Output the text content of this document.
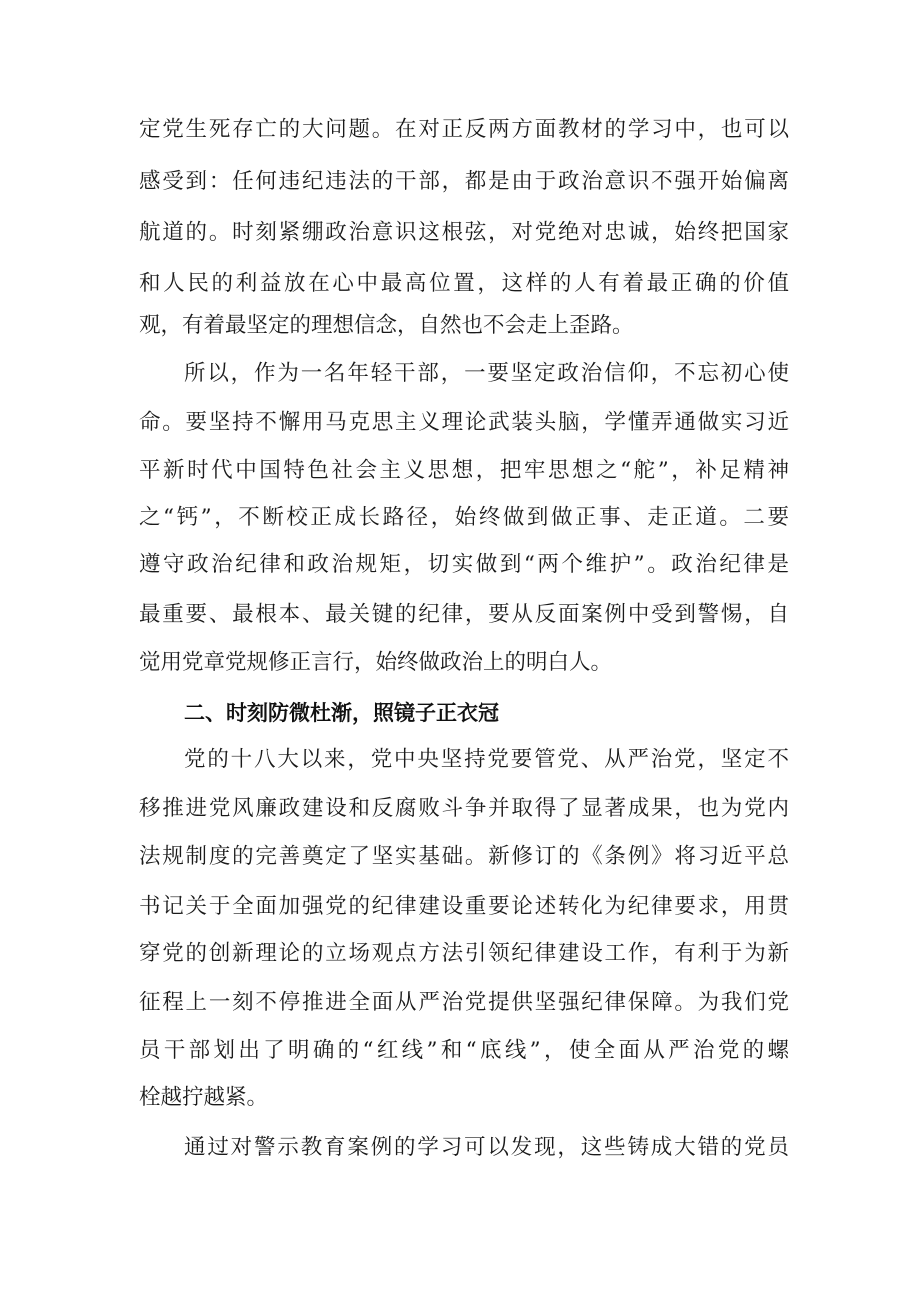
定党生死存亡的大问题。在对正反两方面教材的学习中，也可以
感受到：任何违纪违法的干部，都是由于政治意识不强开始偏离
航道的。时刻紧绷政治意识这根弦，对党绝对忠诚，始终把国家
和人民的利益放在心中最高位置，这样的人有着最正确的价值
观，有着最坚定的理想信念，自然也不会走上歪路。
所以，作为一名年轻干部，一要坚定政治信仰，不忘初心使
命。要坚持不懈用马克思主义理论武装头脑，学懂弄通做实习近
平新时代中国特色社会主义思想，把牢思想之“舵”，补足精神
之“钙”，不断校正成长路径，始终做到做正事、走正道。二要
遵守政治纪律和政治规矩，切实做到“两个维护”。政治纪律是
最重要、最根本、最关键的纪律，要从反面案例中受到警惕，自
觉用党章党规修正言行，始终做政治上的明白人。
二、时刻防微杜渐，照镜子正衣冠
党的十八大以来，党中央坚持党要管党、从严治党，坚定不
移推进党风廉政建设和反腐败斗争并取得了显著成果，也为党内
法规制度的完善奠定了坚实基础。新修订的《条例》将习近平总
书记关于全面加强党的纪律建设重要论述转化为纪律要求，用贯
穿党的创新理论的立场观点方法引领纪律建设工作，有利于为新
征程上一刻不停推进全面从严治党提供坚强纪律保障。为我们党
员干部划出了明确的“红线”和“底线”，使全面从严治党的螺
栓越拧越紧。
通过对警示教育案例的学习可以发现，这些铸成大错的党员
